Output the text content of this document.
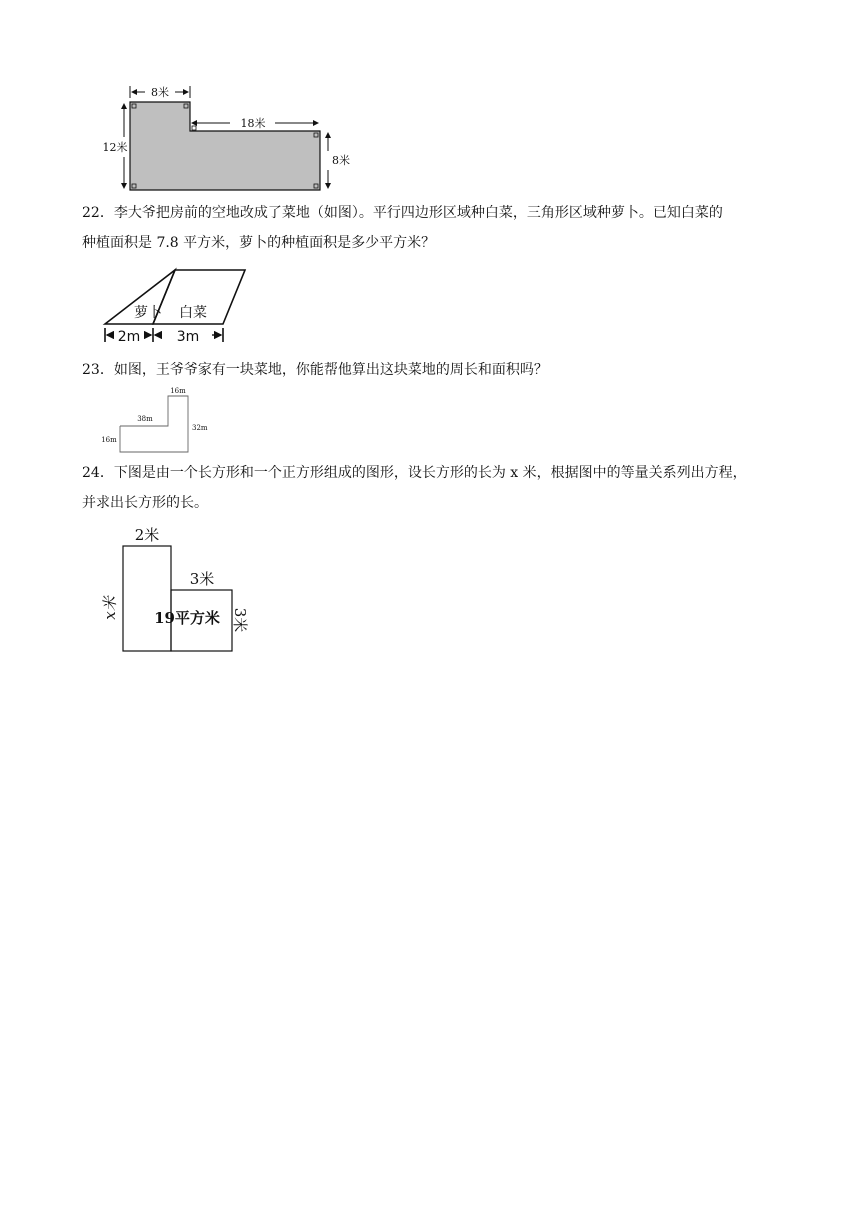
8米
18米
12米
8米

22．李大爷把房前的空地改成了菜地（如图）。平行四边形区域种白菜，三角形区域种萝卜。已知白菜的
种植面积是 7.8 平方米，萝卜的种植面积是多少平方米？

萝卜 白菜
2m	3m

23．如图，王爷爷家有一块菜地，你能帮他算出这块菜地的周长和面积吗？

16m
38m
16m
32m

24．下图是由一个长方形和一个正方形组成的图形，设长方形的长为 x 米，根据图中的等量关系列出方程，
并求出长方形的长。

2米
3米
19平方米
x米	3米
